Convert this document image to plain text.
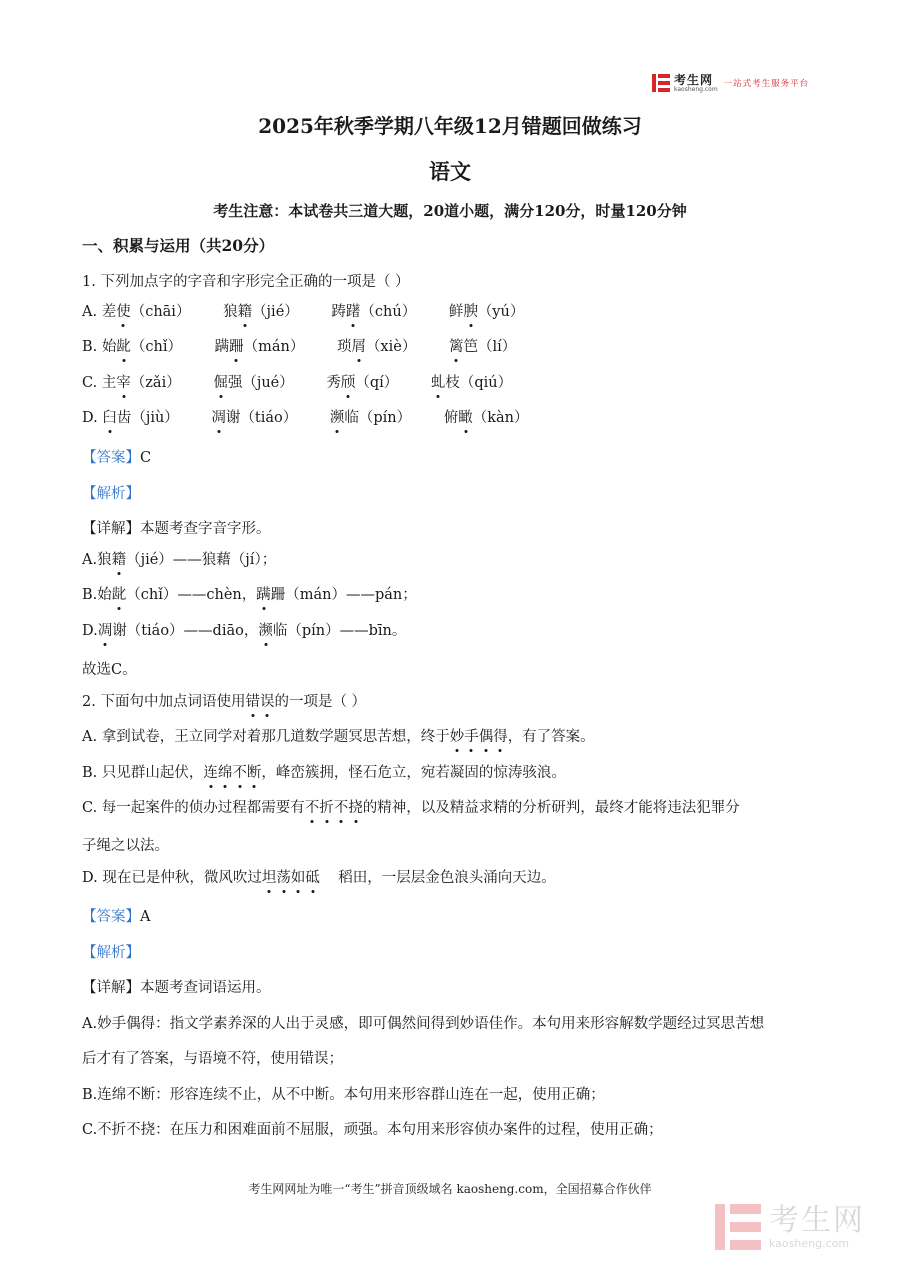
考生网
kaosheng.com 一站式考生服务平台
2025年秋季学期八年级12月错题回做练习
语文
考生注意：本试卷共三道大题，20道小题，满分120分，时量120分钟
一、积累与运用（共20分）
1. 下列加点字的字音和字形完全正确的一项是（ ）
A. 差使（chāi） 狼籍（jié） 踌躇（chú） 鲜腴（yú）
B. 始龀（chǐ） 蹒跚（mán） 琐屑（xiè） 篱笆（lí）
C. 主宰（zǎi） 倔强（jué） 秀颀（qí） 虬枝（qiú）
D. 臼齿（jiù） 凋谢（tiáo） 濒临（pín） 俯瞰（kàn）
【答案】C
【解析】
【详解】本题考查字音字形。
A.狼籍（jié）——狼藉（jí）；
B.始龀（chǐ）——chèn，蹒跚（mán）——pán；
D.凋谢（tiáo）——diāo，濒临（pín）——bīn。
故选C。
2. 下面句中加点词语使用错误的一项是（ ）
A. 拿到试卷，王立同学对着那几道数学题冥思苦想，终于妙手偶得，有了答案。
B. 只见群山起伏，连绵不断，峰峦簇拥，怪石危立，宛若凝固的惊涛骇浪。
C. 每一起案件的侦办过程都需要有不折不挠的精神，以及精益求精的分析研判，最终才能将违法犯罪分
子绳之以法。
D. 现在已是仲秋，微风吹过坦荡如砥    稻田，一层层金色浪头涌向天边。
【答案】A
【解析】
【详解】本题考查词语运用。
A.妙手偶得：指文学素养深的人出于灵感，即可偶然间得到妙语佳作。本句用来形容解数学题经过冥思苦想
后才有了答案，与语境不符，使用错误；
B.连绵不断：形容连续不止，从不中断。本句用来形容群山连在一起，使用正确；
C.不折不挠：在压力和困难面前不屈服，顽强。本句用来形容侦办案件的过程，使用正确；
考生网网址为唯一“考生”拼音顶级域名 kaosheng.com，全国招募合作伙伴
考生网
kaosheng.com
